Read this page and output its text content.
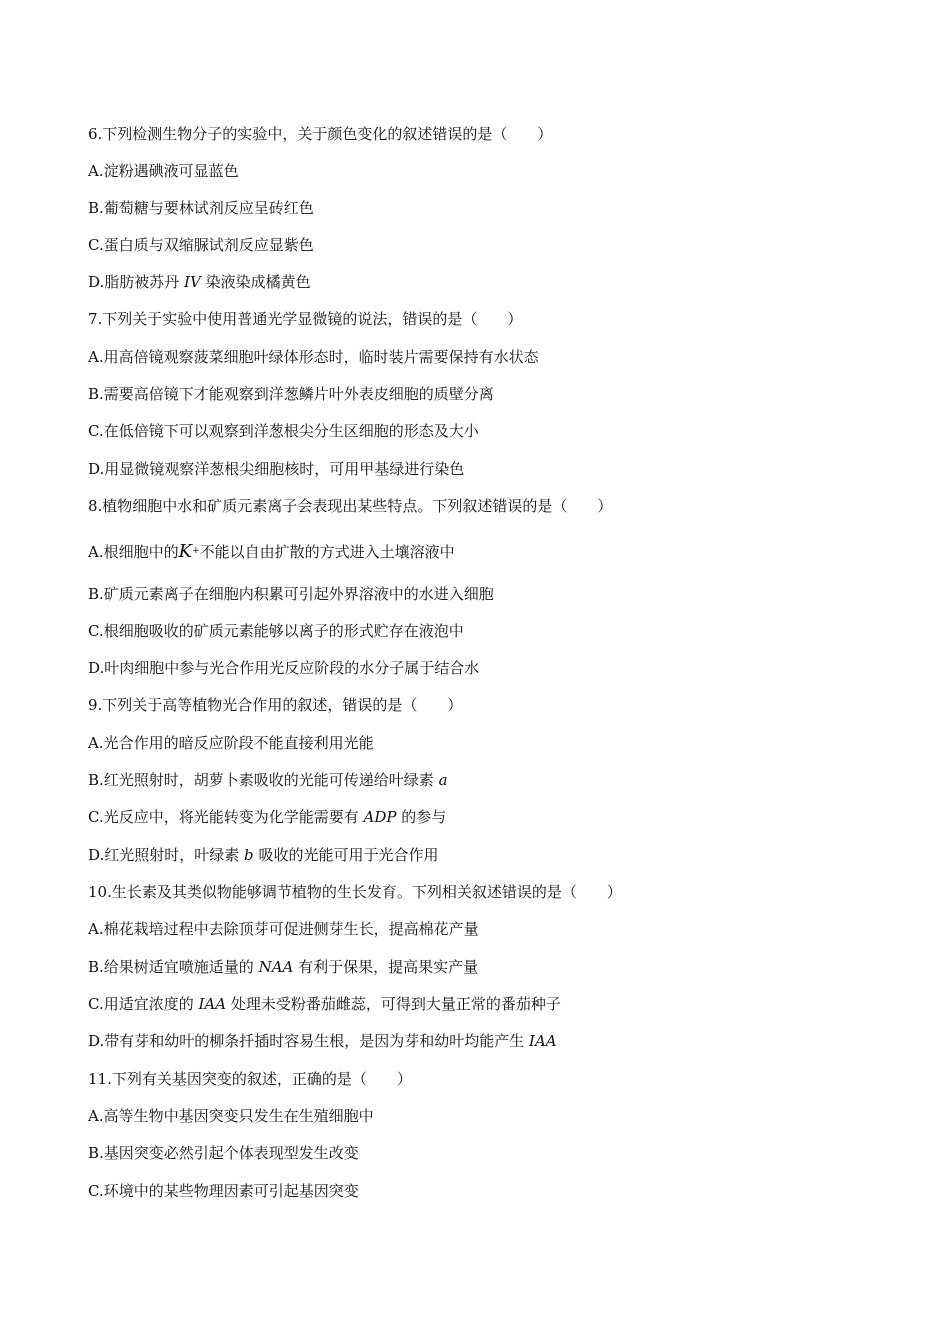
6.下列检测生物分子的实验中，关于颜色变化的叙述错误的是（　　）
A.淀粉遇碘液可显蓝色
B.葡萄糖与要林试剂反应呈砖红色
C.蛋白质与双缩脲试剂反应显紫色
D.脂肪被苏丹 IV 染液染成橘黄色
7.下列关于实验中使用普通光学显微镜的说法，错误的是（　　）
A.用高倍镜观察菠菜细胞叶绿体形态时，临时装片需要保持有水状态
B.需要高倍镜下才能观察到洋葱鳞片叶外表皮细胞的质壁分离
C.在低倍镜下可以观察到洋葱根尖分生区细胞的形态及大小
D.用显微镜观察洋葱根尖细胞核时，可用甲基绿进行染色
8.植物细胞中水和矿质元素离子会表现出某些特点。下列叙述错误的是（　　）
A.根细胞中的K+不能以自由扩散的方式进入土壤溶液中
B.矿质元素离子在细胞内积累可引起外界溶液中的水进入细胞
C.根细胞吸收的矿质元素能够以离子的形式贮存在液泡中
D.叶肉细胞中参与光合作用光反应阶段的水分子属于结合水
9.下列关于高等植物光合作用的叙述，错误的是（　　）
A.光合作用的暗反应阶段不能直接利用光能
B.红光照射时，胡萝卜素吸收的光能可传递给叶绿素 a
C.光反应中，将光能转变为化学能需要有 ADP 的参与
D.红光照射时，叶绿素 b 吸收的光能可用于光合作用
10.生长素及其类似物能够调节植物的生长发育。下列相关叙述错误的是（　　）
A.棉花栽培过程中去除顶芽可促进侧芽生长，提高棉花产量
B.给果树适宜喷施适量的 NAA 有利于保果，提高果实产量
C.用适宜浓度的 IAA 处理未受粉番茄雌蕊，可得到大量正常的番茄种子
D.带有芽和幼叶的柳条扦插时容易生根，是因为芽和幼叶均能产生 IAA
11.下列有关基因突变的叙述，正确的是（　　）
A.高等生物中基因突变只发生在生殖细胞中
B.基因突变必然引起个体表现型发生改变
C.环境中的某些物理因素可引起基因突变
